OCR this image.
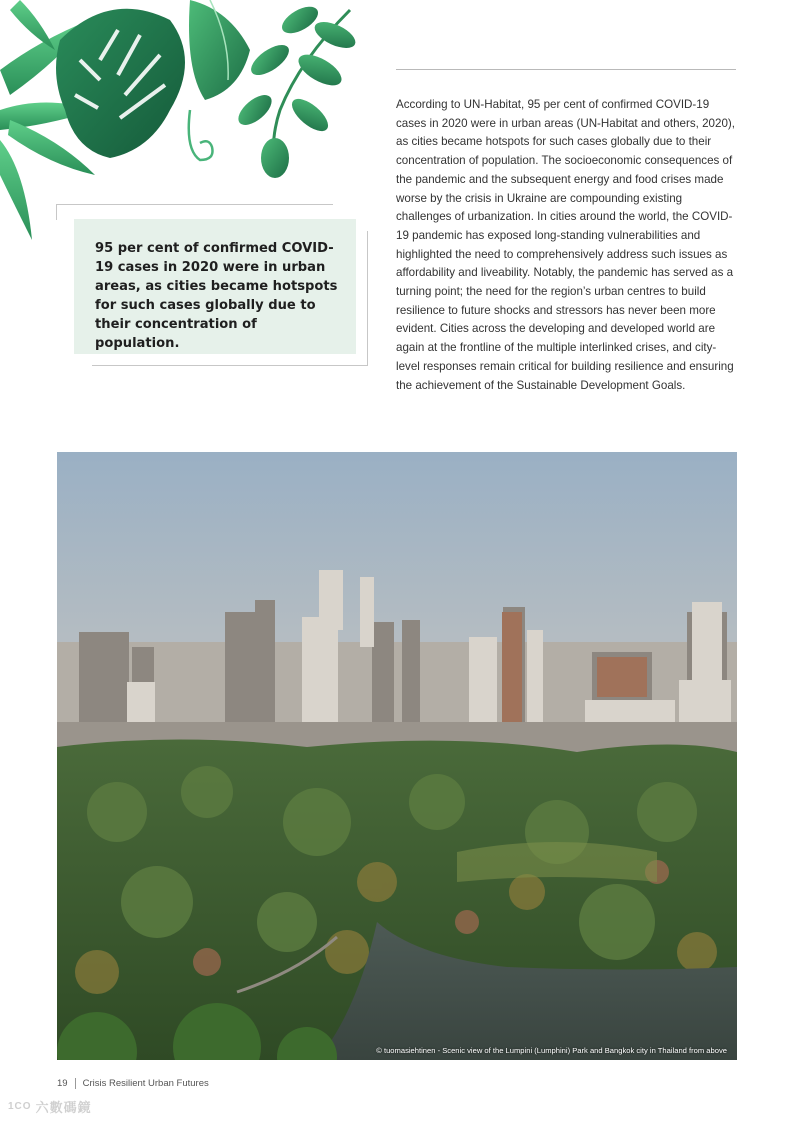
According to UN-Habitat, 95 per cent of confirmed COVID-19 cases in 2020 were in urban areas (UN-Habitat and others, 2020), as cities became hotspots for such cases globally due to their concentration of population. The socioeconomic consequences of the pandemic and the subsequent energy and food crises made worse by the crisis in Ukraine are compounding existing challenges of urbanization. In cities around the world, the COVID-19 pandemic has exposed long-standing vulnerabilities and highlighted the need to comprehensively address such issues as affordability and liveability. Notably, the pandemic has served as a turning point; the need for the region’s urban centres to build resilience to future shocks and stressors has never been more evident. Cities across the developing and developed world are again at the frontline of the multiple interlinked crises, and city-level responses remain critical for building resilience and ensuring the achievement of the Sustainable Development Goals.

95 per cent of confirmed COVID-19 cases in 2020 were in urban areas, as cities became hotspots for such cases globally due to their concentration of population.
© tuomasiehtinen - Scenic view of the Lumpini (Lumphini) Park and Bangkok city in Thailand from above
19 Crisis Resilient Urban Futures
1CO 六數碼鏡
